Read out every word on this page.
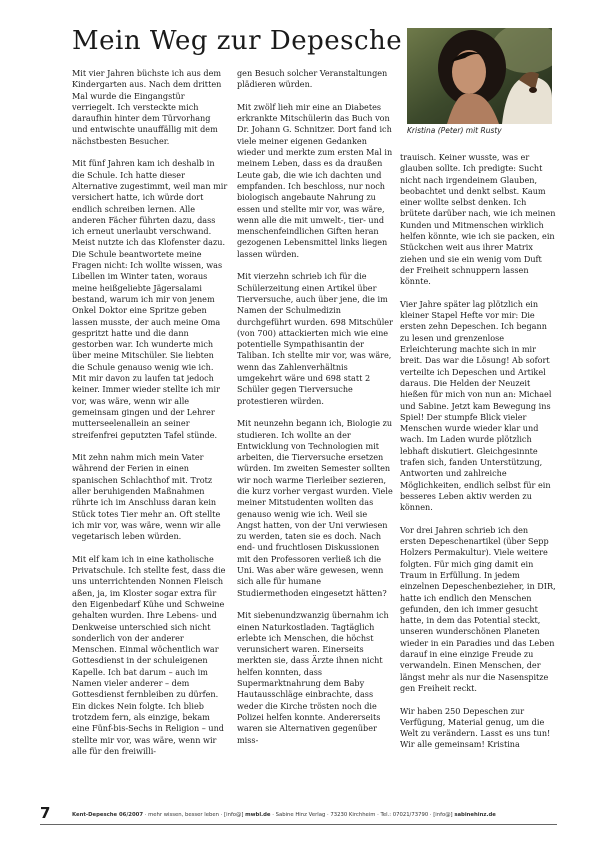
Mein Weg zur Depesche
Kristina (Peter) mit Rusty

Mit vier Jahren büchste ich aus dem Kindergarten aus. Nach dem dritten Mal wurde die Eingangstür verriegelt. Ich versteckte mich daraufhin hinter dem Türvorhang und entwischte unauffällig mit dem nächstbesten Besucher.

Mit fünf Jahren kam ich deshalb in die Schule. Ich hatte dieser Alternative zugestimmt, weil man mir versichert hatte, ich würde dort endlich schreiben lernen. Alle anderen Fächer führten dazu, dass ich erneut unerlaubt verschwand. Meist nutzte ich das Klofenster dazu. Die Schule beantwortete meine Fragen nicht: Ich wollte wissen, was Libellen im Winter taten, woraus meine heißgeliebte Jägersalami bestand, warum ich mir von jenem Onkel Doktor eine Spritze geben lassen musste, der auch meine Oma gespritzt hatte und die dann gestorben war. Ich wunderte mich über meine Mitschüler. Sie liebten die Schule genauso wenig wie ich. Mit mir davon zu laufen tat jedoch keiner. Immer wieder stellte ich mir vor, was wäre, wenn wir alle gemeinsam gingen und der Lehrer mutterseelenallein an seiner streifenfrei geputzten Tafel stünde.

Mit zehn nahm mich mein Vater während der Ferien in einen spanischen Schlachthof mit. Trotz aller beruhigenden Maßnahmen rührte ich im Anschluss daran kein Stück totes Tier mehr an. Oft stellte ich mir vor, was wäre, wenn wir alle vegetarisch leben würden.

Mit elf kam ich in eine katholische Privatschule. Ich stellte fest, dass die uns unterrichtenden Nonnen Fleisch aßen, ja, im Kloster sogar extra für den Eigenbedarf Kühe und Schweine gehalten wurden. Ihre Lebens- und Denkweise unterschied sich nicht sonderlich von der anderer Menschen. Einmal wöchentlich war Gottesdienst in der schuleigenen Kapelle. Ich bat darum – auch im Namen vieler anderer – dem Gottesdienst fernbleiben zu dürfen. Ein dickes Nein folgte. Ich blieb trotzdem fern, als einzige, bekam eine Fünf-bis-Sechs in Religion – und stellte mir vor, was wäre, wenn wir alle für den freiwilli-

gen Besuch solcher Veranstaltungen plädieren würden.

Mit zwölf lieh mir eine an Diabetes erkrankte Mitschülerin das Buch von Dr. Johann G. Schnitzer. Dort fand ich viele meiner eigenen Gedanken wieder und merkte zum ersten Mal in meinem Leben, dass es da draußen Leute gab, die wie ich dachten und empfanden. Ich beschloss, nur noch biologisch angebaute Nahrung zu essen und stellte mir vor, was wäre, wenn alle die mit umwelt-, tier- und menschenfeindlichen Giften heran gezogenen Lebensmittel links liegen lassen würden.

Mit vierzehn schrieb ich für die Schülerzeitung einen Artikel über Tierversuche, auch über jene, die im Namen der Schulmedizin durchgeführt wurden. 698 Mitschüler (von 700) attackierten mich wie eine potentielle Sympathisantin der Taliban. Ich stellte mir vor, was wäre, wenn das Zahlenverhältnis umgekehrt wäre und 698 statt 2 Schüler gegen Tierversuche protestieren würden.

Mit neunzehn begann ich, Biologie zu studieren. Ich wollte an der Entwicklung von Technologien mit arbeiten, die Tierversuche ersetzen würden. Im zweiten Semester sollten wir noch warme Tierleiber sezieren, die kurz vorher vergast wurden. Viele meiner Mitstudenten wollten das genauso wenig wie ich. Weil sie Angst hatten, von der Uni verwiesen zu werden, taten sie es doch. Nach end- und fruchtlosen Diskussionen mit den Professoren verließ ich die Uni. Was aber wäre gewesen, wenn sich alle für humane Studiermethoden eingesetzt hätten?

Mit siebenundzwanzig übernahm ich einen Naturkostladen. Tagtäglich erlebte ich Menschen, die höchst verunsichert waren. Einerseits merkten sie, dass Ärzte ihnen nicht helfen konnten, dass Supermarktnahrung dem Baby Hautausschläge einbrachte, dass weder die Kirche trösten noch die Polizei helfen konnte. Andererseits waren sie Alternativen gegenüber miss-

trauisch. Keiner wusste, was er glauben sollte. Ich predigte: Sucht nicht nach irgendeinem Glauben, beobachtet und denkt selbst. Kaum einer wollte selbst denken. Ich brütete darüber nach, wie ich meinen Kunden und Mitmenschen wirklich helfen könnte, wie ich sie packen, ein Stückchen weit aus ihrer Matrix ziehen und sie ein wenig vom Duft der Freiheit schnuppern lassen könnte.

Vier Jahre später lag plötzlich ein kleiner Stapel Hefte vor mir: Die ersten zehn Depeschen. Ich begann zu lesen und grenzenlose Erleichterung machte sich in mir breit. Das war die Lösung! Ab sofort verteilte ich Depeschen und Artikel daraus. Die Helden der Neuzeit hießen für mich von nun an: Michael und Sabine. Jetzt kam Bewegung ins Spiel! Der stumpfe Blick vieler Menschen wurde wieder klar und wach. Im Laden wurde plötzlich lebhaft diskutiert. Gleichgesinnte trafen sich, fanden Unterstützung, Antworten und zahlreiche Möglichkeiten, endlich selbst für ein besseres Leben aktiv werden zu können.

Vor drei Jahren schrieb ich den ersten Depeschenartikel (über Sepp Holzers Permakultur). Viele weitere folgten. Für mich ging damit ein Traum in Erfüllung. In jedem einzelnen Depeschenbezieher, in DIR, hatte ich endlich den Menschen gefunden, den ich immer gesucht hatte, in dem das Potential steckt, unseren wunderschönen Planeten wieder in ein Paradies und das Leben darauf in eine einzige Freude zu verwandeln. Einen Menschen, der längst mehr als nur die Nasenspitze gen Freiheit reckt.

Wir haben 250 Depeschen zur Verfügung, Material genug, um die Welt zu verändern. Lasst es uns tun! Wir alle gemeinsam! Kristina

7	Kent-Depesche 06/2007 · mehr wissen, besser leben · [info@] mwbl.de · Sabine Hinz Verlag · 73230 Kirchheim · Tel.: 07021/73790 · [info@] sabinehinz.de
